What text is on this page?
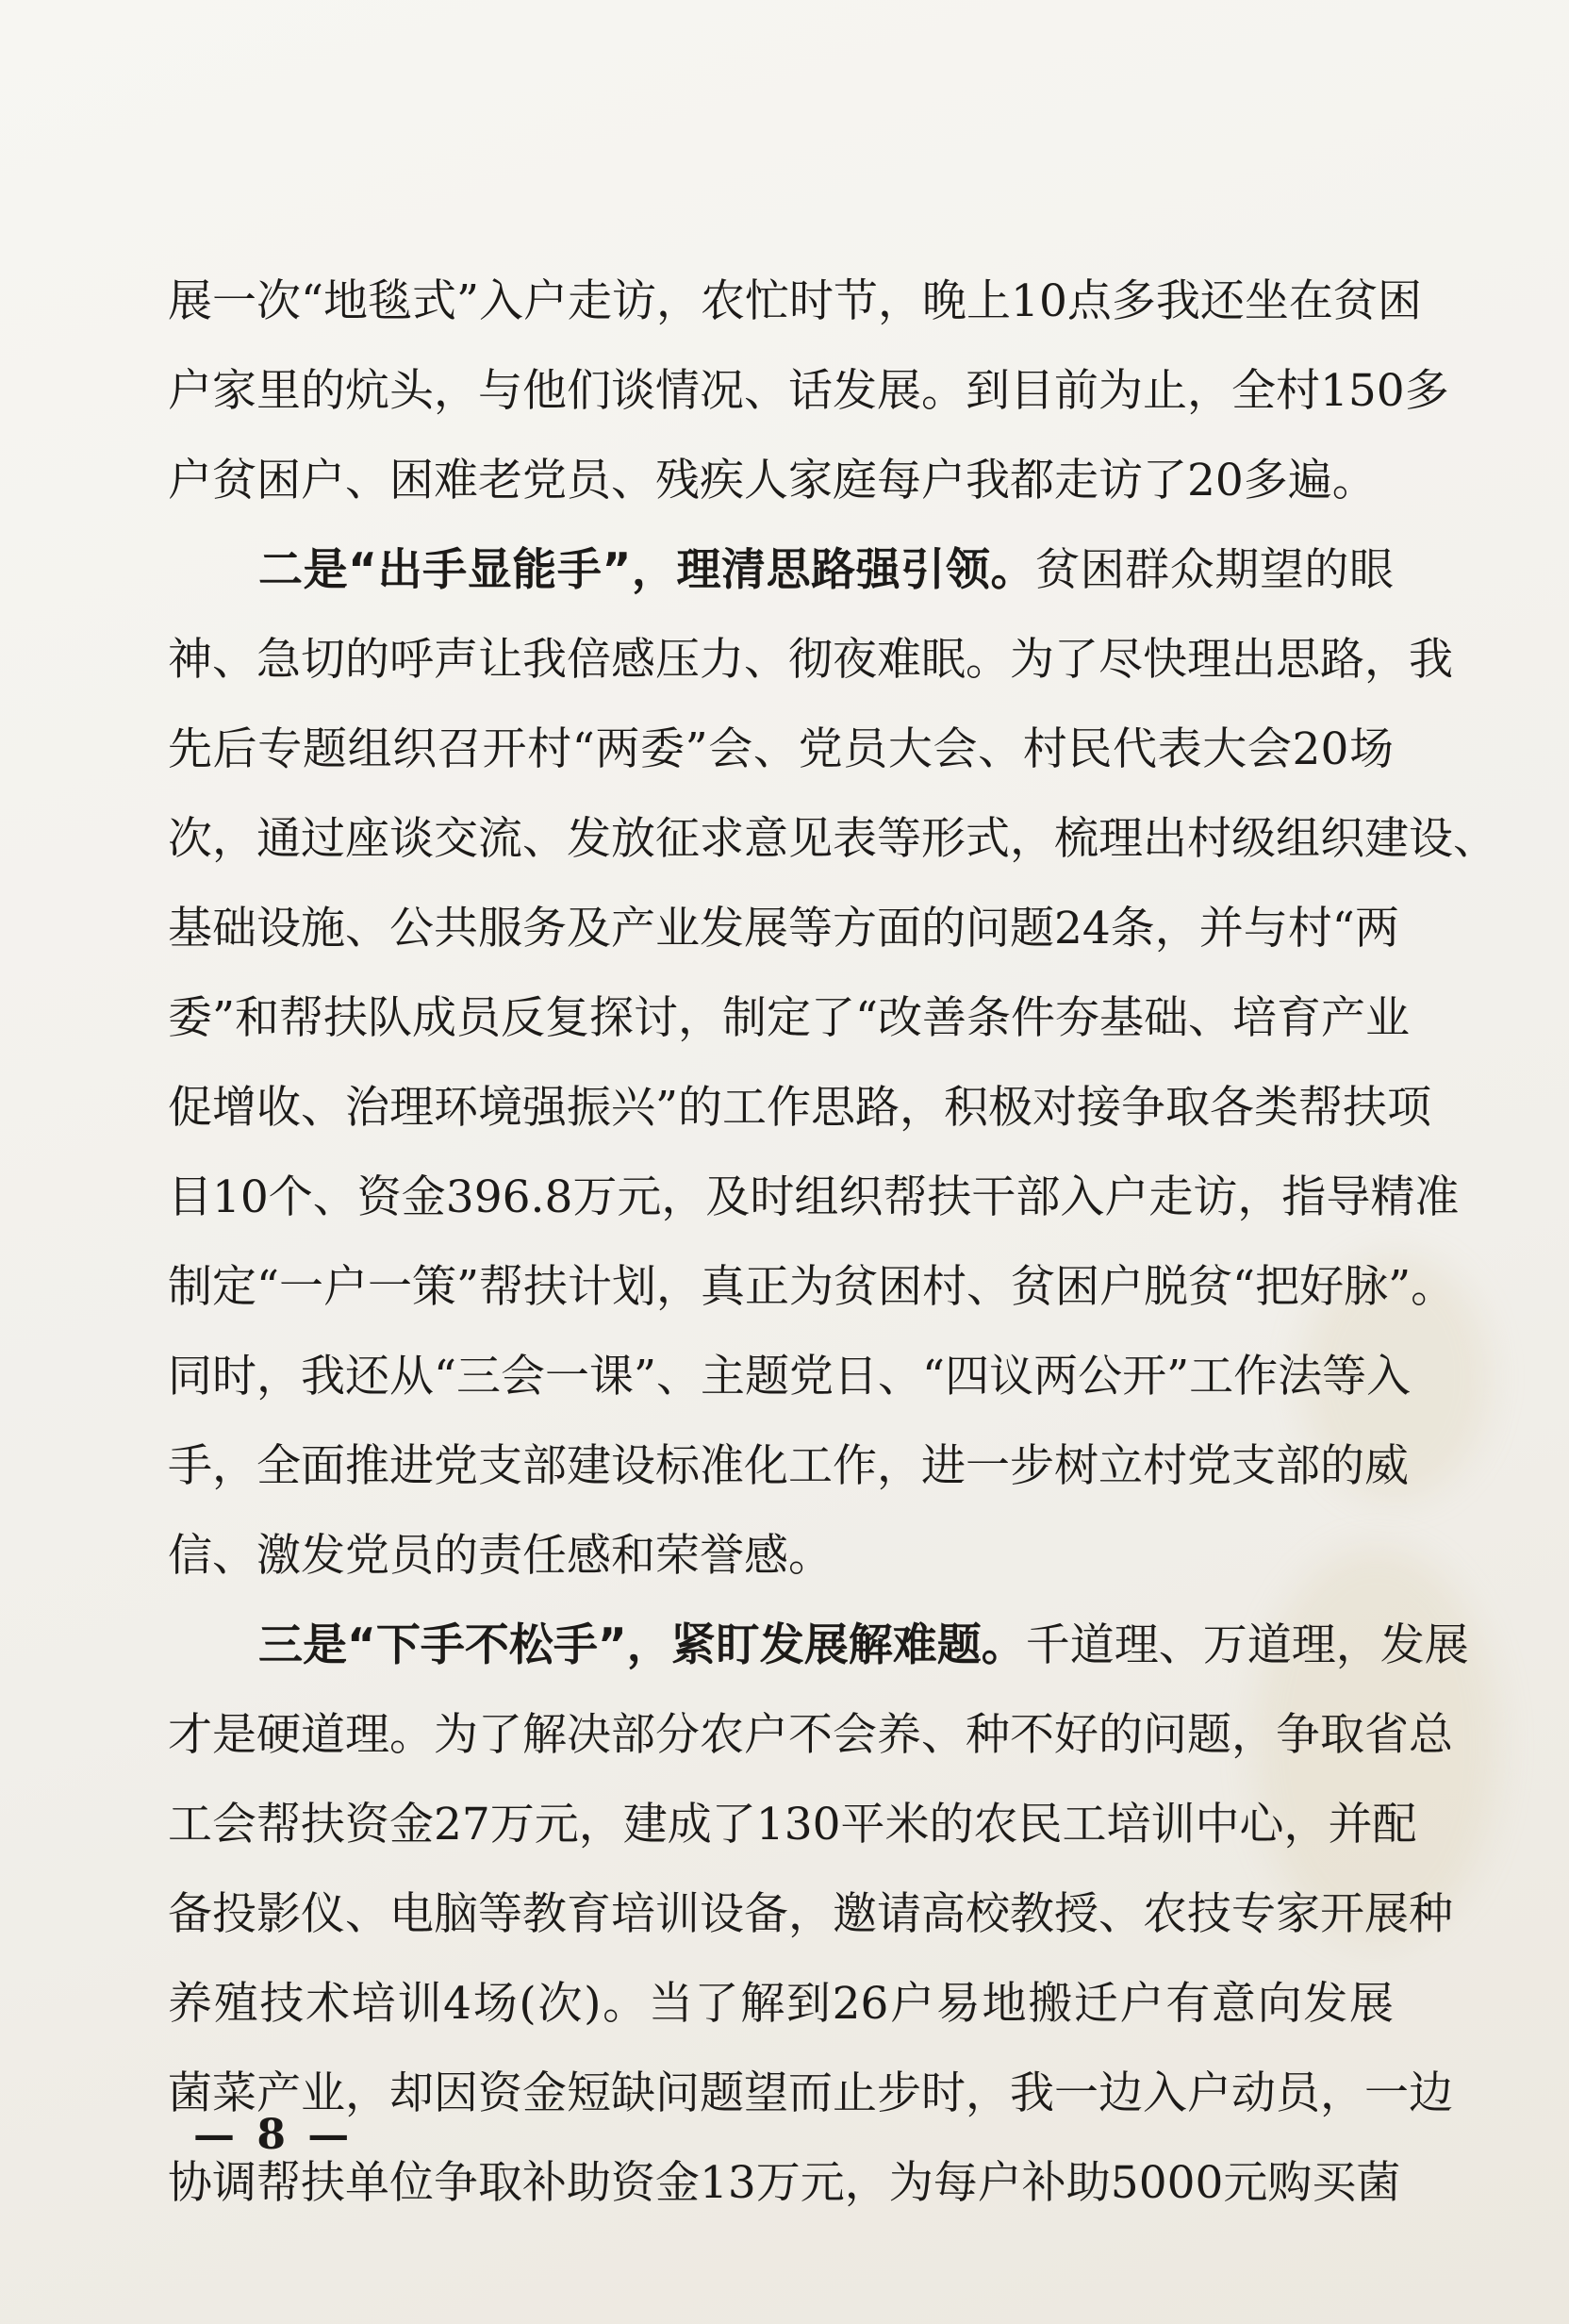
展一次“地毯式”入户走访，农忙时节，晚上10点多我还坐在贫困
户家里的炕头，与他们谈情况、话发展。到目前为止，全村150多
户贫困户、困难老党员、残疾人家庭每户我都走访了20多遍。
二是“出手显能手”，理清思路强引领。贫困群众期望的眼
神、急切的呼声让我倍感压力、彻夜难眠。为了尽快理出思路，我
先后专题组织召开村“两委”会、党员大会、村民代表大会20场
次，通过座谈交流、发放征求意见表等形式，梳理出村级组织建设、
基础设施、公共服务及产业发展等方面的问题24条，并与村“两
委”和帮扶队成员反复探讨，制定了“改善条件夯基础、培育产业
促增收、治理环境强振兴”的工作思路，积极对接争取各类帮扶项
目10个、资金396.8万元，及时组织帮扶干部入户走访，指导精准
制定“一户一策”帮扶计划，真正为贫困村、贫困户脱贫“把好脉”。
同时，我还从“三会一课”、主题党日、“四议两公开”工作法等入
手，全面推进党支部建设标准化工作，进一步树立村党支部的威
信、激发党员的责任感和荣誉感。
三是“下手不松手”，紧盯发展解难题。千道理、万道理，发展
才是硬道理。为了解决部分农户不会养、种不好的问题，争取省总
工会帮扶资金27万元，建成了130平米的农民工培训中心，并配
备投影仪、电脑等教育培训设备，邀请高校教授、农技专家开展种
养殖技术培训4场(次)。当了解到26户易地搬迁户有意向发展
菌菜产业，却因资金短缺问题望而止步时，我一边入户动员，一边
协调帮扶单位争取补助资金13万元，为每户补助5000元购买菌
— 8 —
